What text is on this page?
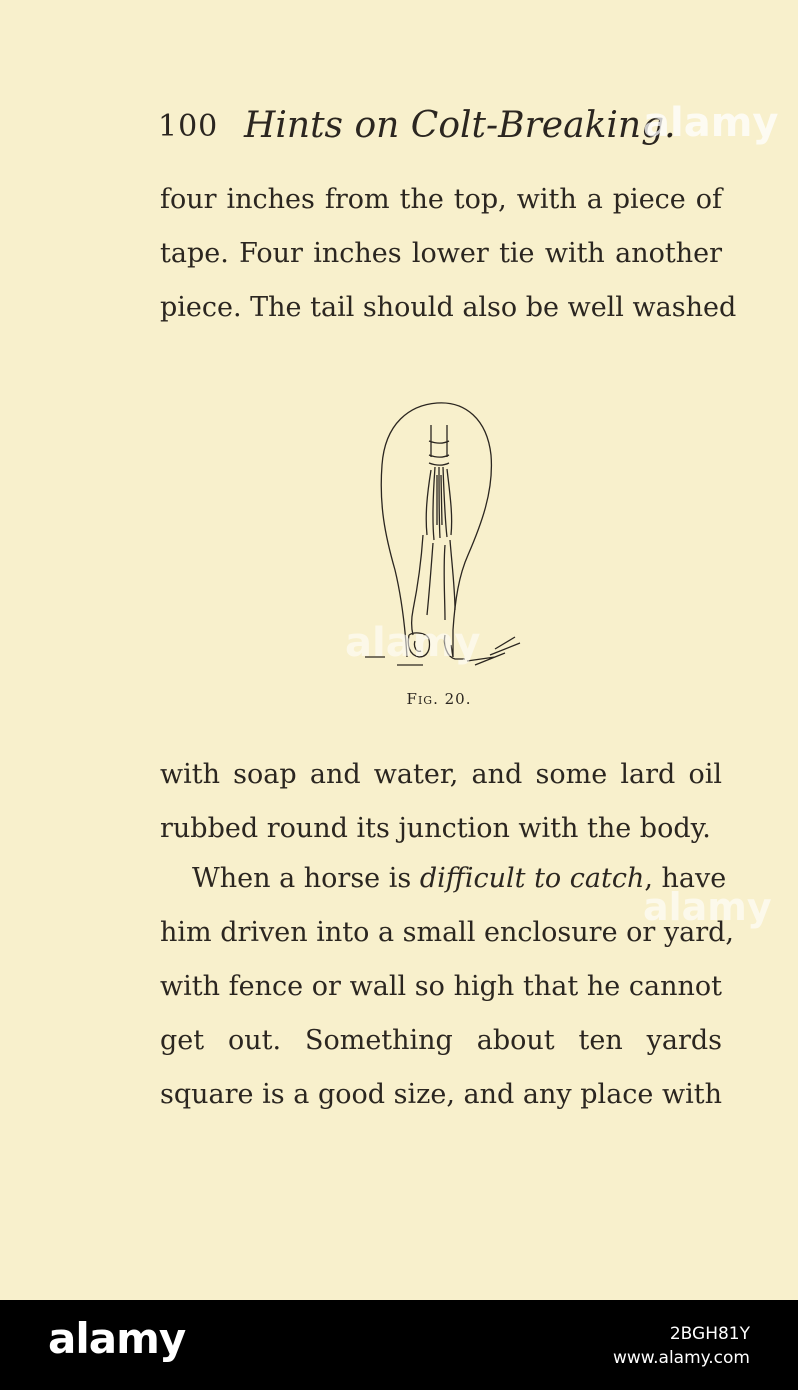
100 Hints on Colt-Breaking.
four inches from the top, with a piece of
tape. Four inches lower tie with another
piece. The tail should also be well washed
FIG. 20.
with soap and water, and some lard oil
rubbed round its junction with the body.
When a horse is difficult to catch, have
him driven into a small enclosure or yard,
with fence or wall so high that he cannot
get out. Something about ten yards
square is a good size, and any place with
alamy
alamy
alamy
alamy	2BGH81Y
www.alamy.com
